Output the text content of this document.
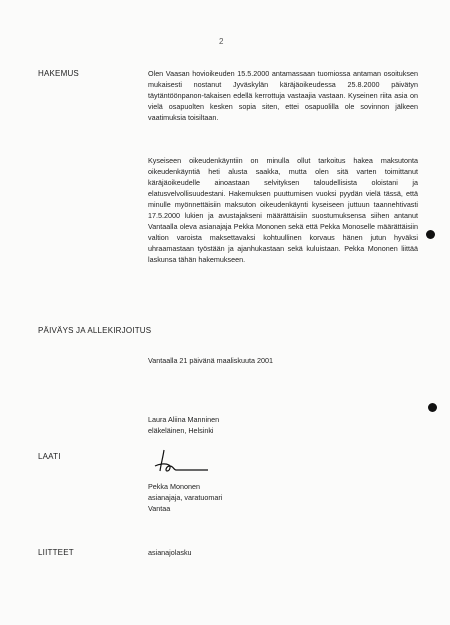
2
HAKEMUS	Olen Vaasan hovioikeuden 15.5.2000 antamassaan tuomiossa antaman osoituksen mukaisesti nostanut Jyväskylän käräjäoikeudessa 25.8.2000 päivätyn täytäntöönpanon-takaisen edellä kerrottuja vastaajia vastaan. Kyseinen riita asia on vielä osapuolten kesken sopia siten, ettei osapuolilla ole sovinnon jälkeen vaatimuksia toisiltaan.
Kyseiseen oikeudenkäyntiin on minulla ollut tarkoitus hakea maksutonta oikeudenkäyntiä heti alusta saakka, mutta olen sitä varten toimittanut käräjäoikeudelle ainoastaan selvityksen taloudellisista oloistani ja elatusvelvollisuudestani. Hakemuksen puuttumisen vuoksi pyydän vielä tässä, että minulle myönnettäisiin maksuton oikeudenkäynti kyseiseen juttuun taannehtivasti 17.5.2000 lukien ja avustajakseni määrättäisiin suostumuksensa siihen antanut Vantaalla oleva asianajaja Pekka Mononen sekä että Pekka Monoselle määrättäisiin valtion varoista maksettavaksi kohtuullinen korvaus hänen jutun hyväksi uhraamastaan työstään ja ajanhukastaan sekä kuluistaan. Pekka Mononen liittää laskunsa tähän hakemukseen.
PÄIVÄYS JA ALLEKIRJOITUS
Vantaalla 21 päivänä maaliskuuta 2001
Laura Aliina Manninen
eläkeläinen, Helsinki
LAATI
Pekka Mononen
asianajaja, varatuomari
Vantaa
LIITTEET	asianajolasku
